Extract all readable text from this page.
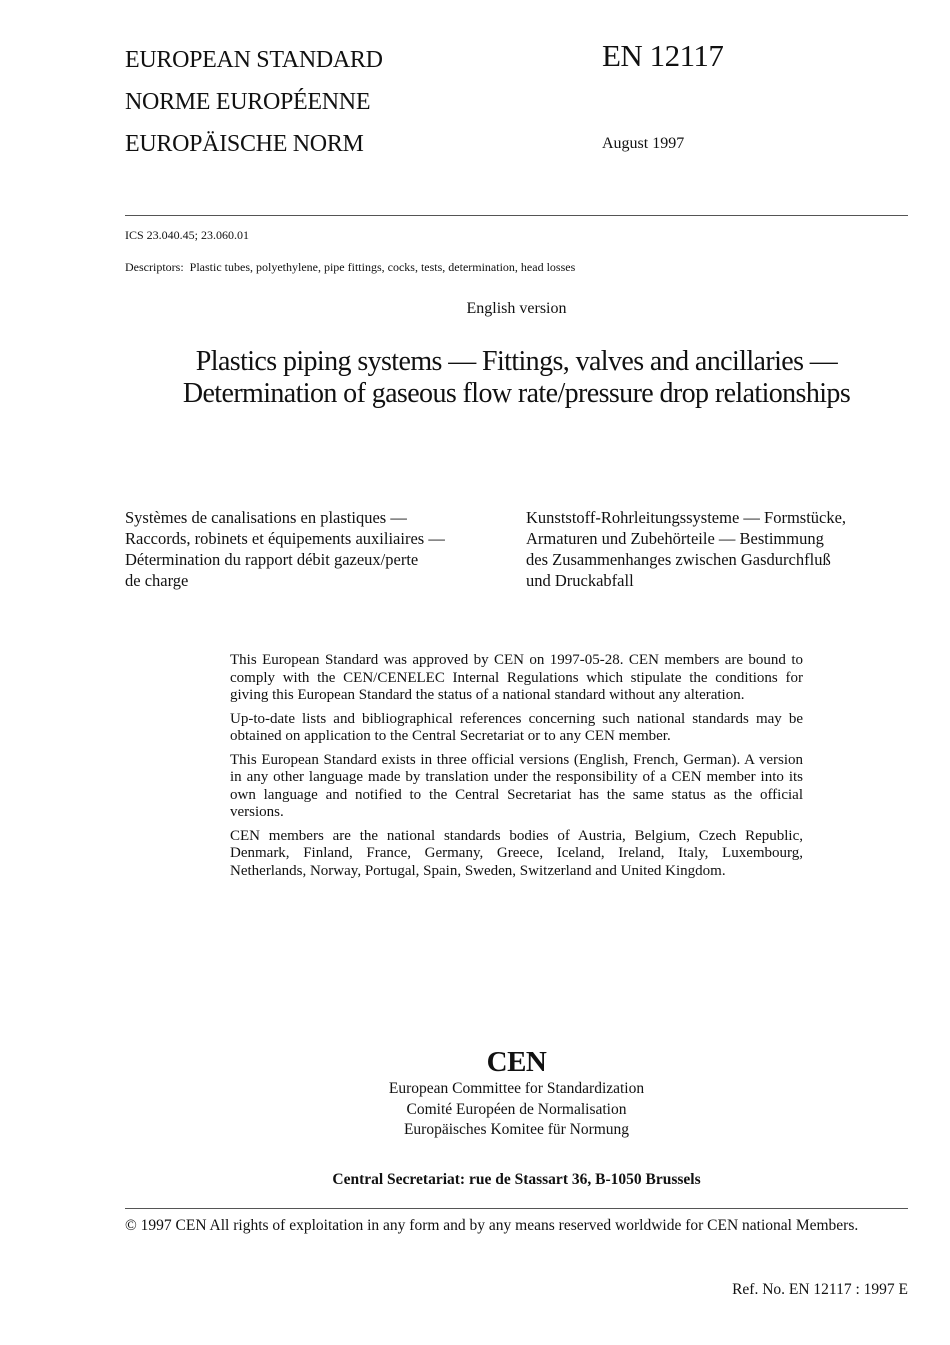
EUROPEAN STANDARD
NORME EUROPÉENNE
EUROPÄISCHE NORM
EN 12117
August 1997
ICS 23.040.45; 23.060.01
Descriptors: Plastic tubes, polyethylene, pipe fittings, cocks, tests, determination, head losses
English version
Plastics piping systems — Fittings, valves and ancillaries —
Determination of gaseous flow rate/pressure drop relationships
Systèmes de canalisations en plastiques —
Raccords, robinets et équipements auxiliaires —
Détermination du rapport débit gazeux/perte
de charge
Kunststoff-Rohrleitungssysteme — Formstücke,
Armaturen und Zubehörteile — Bestimmung
des Zusammenhanges zwischen Gasdurchfluß
und Druckabfall

This European Standard was approved by CEN on 1997-05-28. CEN members are bound to comply with the CEN/CENELEC Internal Regulations which stipulate the conditions for giving this European Standard the status of a national standard without any alteration.

Up-to-date lists and bibliographical references concerning such national standards may be obtained on application to the Central Secretariat or to any CEN member.

This European Standard exists in three official versions (English, French, German). A version in any other language made by translation under the responsibility of a CEN member into its own language and notified to the Central Secretariat has the same status as the official versions.

CEN members are the national standards bodies of Austria, Belgium, Czech Republic, Denmark, Finland, France, Germany, Greece, Iceland, Ireland, Italy, Luxembourg, Netherlands, Norway, Portugal, Spain, Sweden, Switzerland and United Kingdom.

CEN
European Committee for Standardization
Comité Européen de Normalisation
Europäisches Komitee für Normung
Central Secretariat: rue de Stassart 36, B-1050 Brussels
© 1997 CEN All rights of exploitation in any form and by any means reserved worldwide for CEN national Members.
Ref. No. EN 12117 : 1997 E
